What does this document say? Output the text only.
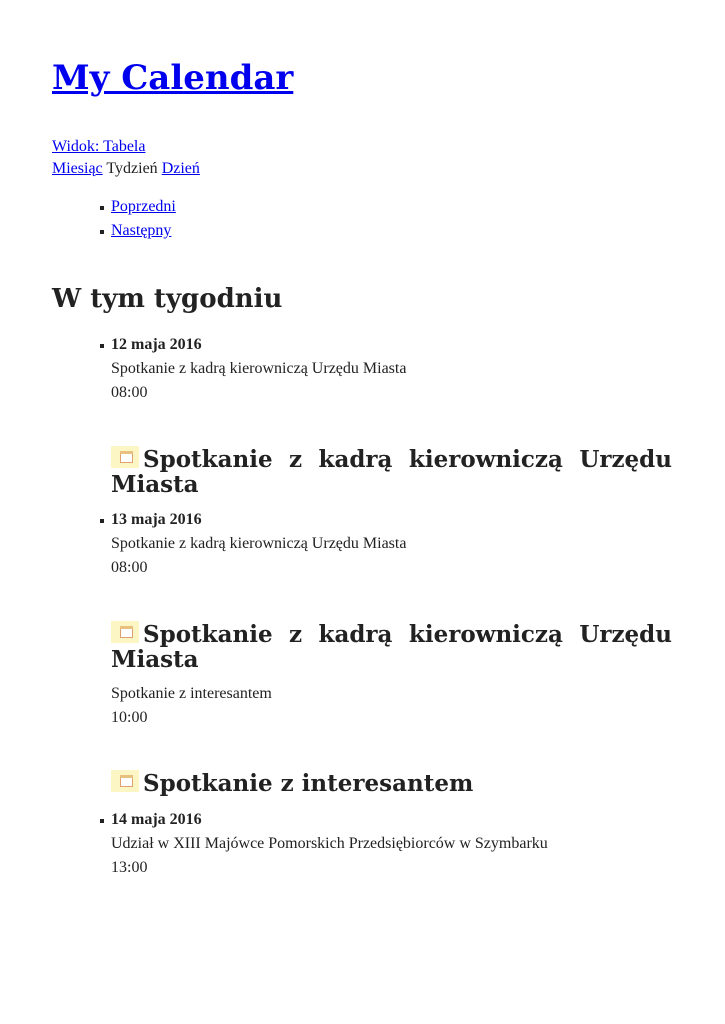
My Calendar
Widok: Tabela
Miesiąc Tydzień Dzień
Poprzedni
Następny
W tym tygodniu
12 maja 2016
Spotkanie z kadrą kierowniczą Urzędu Miasta
08:00
Spotkanie z kadrą kierowniczą Urzędu Miasta
13 maja 2016
Spotkanie z kadrą kierowniczą Urzędu Miasta
08:00
Spotkanie z kadrą kierowniczą Urzędu Miasta
Spotkanie z interesantem
10:00
Spotkanie z interesantem
14 maja 2016
Udział w XIII Majówce Pomorskich Przedsiębiorców w Szymbarku
13:00
